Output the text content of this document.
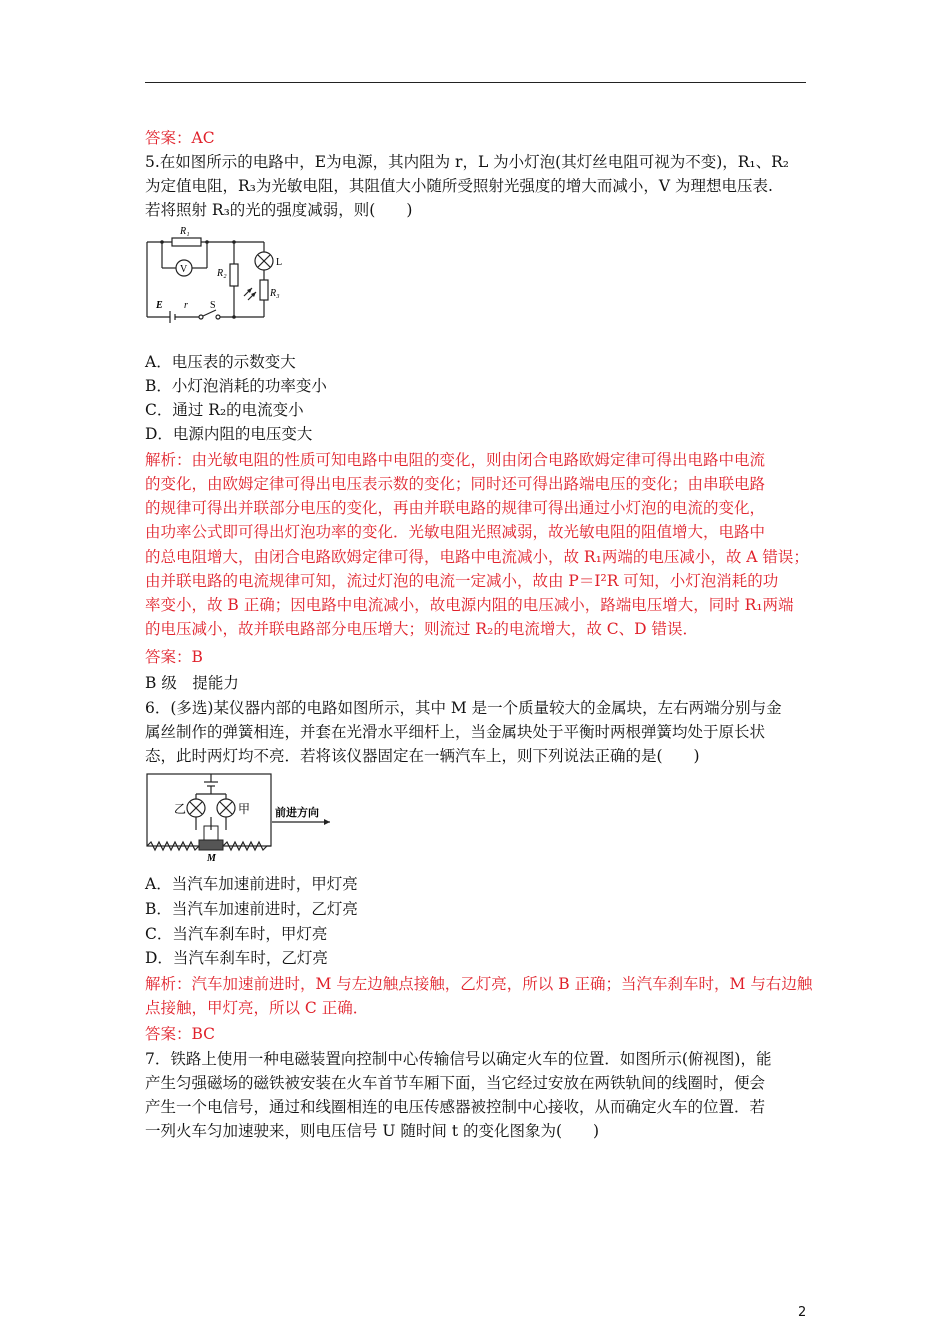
答案：AC
5.在如图所示的电路中，E为电源，其内阻为 r，L 为小灯泡(其灯丝电阻可视为不变)，R₁、R₂
为定值电阻，R₃为光敏电阻，其阻值大小随所受照射光强度的增大而减小，V 为理想电压表.
若将照射 R₃的光的强度减弱，则(　　)
A．电压表的示数变大
B．小灯泡消耗的功率变小
C．通过 R₂的电流变小
D．电源内阻的电压变大
解析：由光敏电阻的性质可知电路中电阻的变化，则由闭合电路欧姆定律可得出电路中电流
的变化，由欧姆定律可得出电压表示数的变化；同时还可得出路端电压的变化；由串联电路
的规律可得出并联部分电压的变化，再由并联电路的规律可得出通过小灯泡的电流的变化，
由功率公式即可得出灯泡功率的变化．光敏电阻光照减弱，故光敏电阻的阻值增大，电路中
的总电阻增大，由闭合电路欧姆定律可得，电路中电流减小，故 R₁两端的电压减小，故 A 错误；
由并联电路的电流规律可知，流过灯泡的电流一定减小，故由 P＝I²R 可知，小灯泡消耗的功
率变小，故 B 正确；因电路中电流减小，故电源内阻的电压减小，路端电压增大，同时 R₁两端
的电压减小，故并联电路部分电压增大；则流过 R₂的电流增大，故 C、D 错误．
答案：B
B 级　提能力
6．(多选)某仪器内部的电路如图所示，其中 M 是一个质量较大的金属块，左右两端分别与金
属丝制作的弹簧相连，并套在光滑水平细杆上，当金属块处于平衡时两根弹簧均处于原长状
态，此时两灯均不亮．若将该仪器固定在一辆汽车上，则下列说法正确的是(　　)
A．当汽车加速前进时，甲灯亮
B．当汽车加速前进时，乙灯亮
C．当汽车刹车时，甲灯亮
D．当汽车刹车时，乙灯亮
解析：汽车加速前进时，M 与左边触点接触，乙灯亮，所以 B 正确；当汽车刹车时，M 与右边触
点接触，甲灯亮，所以 C 正确．
答案：BC
7．铁路上使用一种电磁装置向控制中心传输信号以确定火车的位置．如图所示(俯视图)，能
产生匀强磁场的磁铁被安装在火车首节车厢下面，当它经过安放在两铁轨间的线圈时，便会
产生一个电信号，通过和线圈相连的电压传感器被控制中心接收，从而确定火车的位置．若
一列火车匀加速驶来，则电压信号 U 随时间 t 的变化图象为(　　)
R₁
V	R₂
L
R₃
E r S
乙	甲 前进方向
M
2
